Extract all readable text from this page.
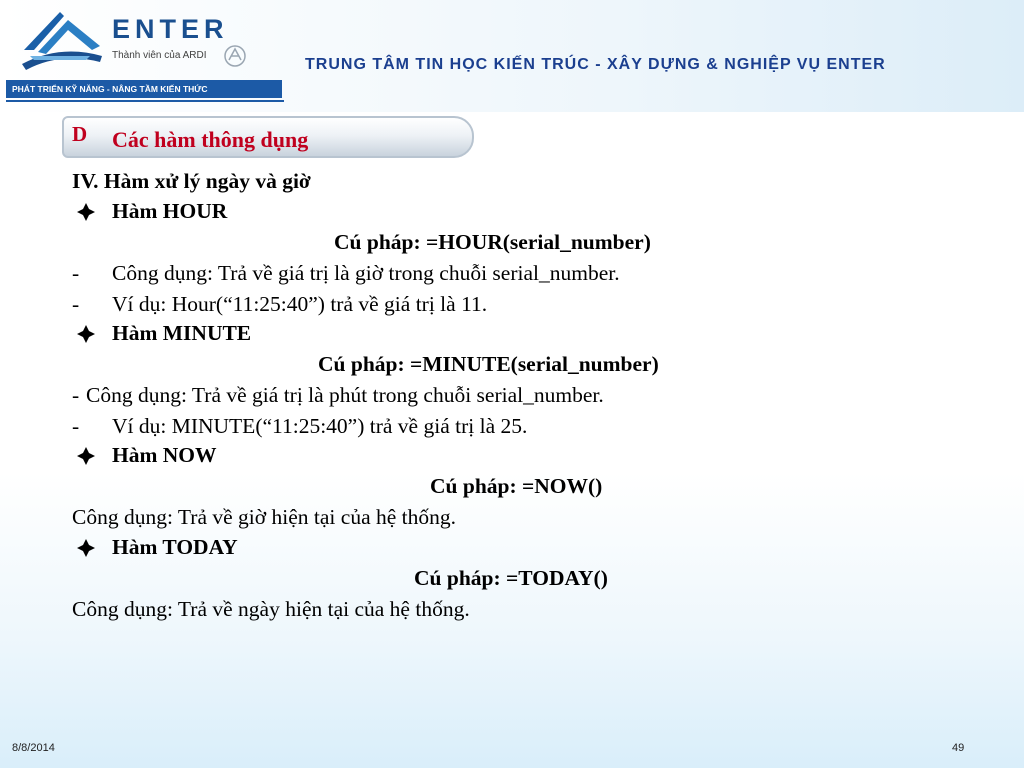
ENTER
Thành viên của ARDI
TRUNG TÂM TIN HỌC KIẾN TRÚC - XÂY DỰNG & NGHIỆP VỤ ENTER
PHÁT TRIỂN KỸ NĂNG - NÂNG TẦM KIẾN THỨC
D Các hàm thông dụng
IV. Hàm xử lý ngày và giờ
Hàm HOUR
Cú pháp: =HOUR(serial_number)
- Công dụng: Trả về giá trị là giờ trong chuỗi serial_number.
- Ví dụ: Hour(“11:25:40”) trả về giá trị là 11.
Hàm MINUTE
Cú pháp: =MINUTE(serial_number)
- Công dụng: Trả về giá trị là phút trong chuỗi serial_number.
- Ví dụ: MINUTE(“11:25:40”) trả về giá trị là 25.
Hàm NOW
Cú pháp: =NOW()
Công dụng: Trả về giờ hiện tại của hệ thống.
Hàm TODAY
Cú pháp: =TODAY()
Công dụng: Trả về ngày hiện tại của hệ thống.
8/8/2014	49
